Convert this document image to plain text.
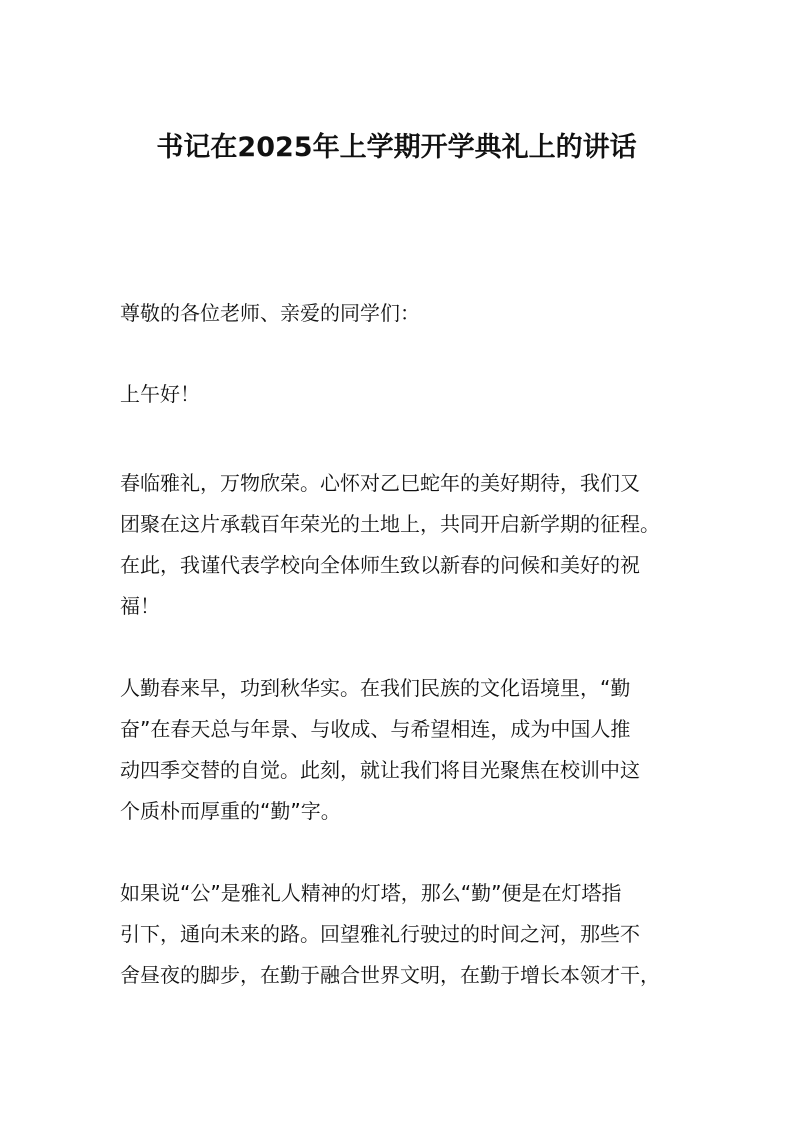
书记在2025年上学期开学典礼上的讲话
尊敬的各位老师、亲爱的同学们：
上午好！
春临雅礼，万物欣荣。心怀对乙巳蛇年的美好期待，我们又
团聚在这片承载百年荣光的土地上，共同开启新学期的征程。
在此，我谨代表学校向全体师生致以新春的问候和美好的祝
福！
人勤春来早，功到秋华实。在我们民族的文化语境里，“勤
奋”在春天总与年景、与收成、与希望相连，成为中国人推
动四季交替的自觉。此刻，就让我们将目光聚焦在校训中这
个质朴而厚重的“勤”字。
如果说“公”是雅礼人精神的灯塔，那么“勤”便是在灯塔指
引下，通向未来的路。回望雅礼行驶过的时间之河，那些不
舍昼夜的脚步，在勤于融合世界文明，在勤于增长本领才干，
